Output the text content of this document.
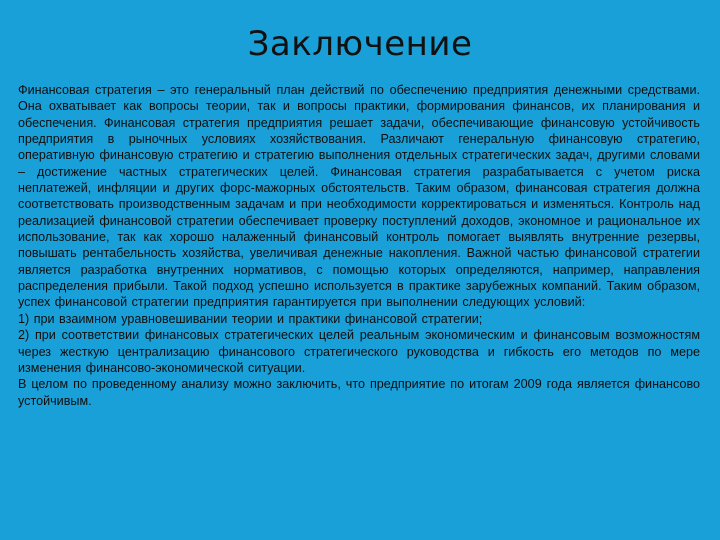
Заключение

Финансовая стратегия – это генеральный план действий по обеспечению предприятия денежными средствами. Она охватывает как вопросы теории, так и вопросы практики, формирования финансов, их планирования и обеспечения. Финансовая стратегия предприятия решает задачи, обеспечивающие финансовую устойчивость предприятия в рыночных условиях хозяйствования. Различают генеральную финансовую стратегию, оперативную финансовую стратегию и стратегию выполнения отдельных стратегических задач, другими словами – достижение частных стратегических целей. Финансовая стратегия разрабатывается с учетом риска неплатежей, инфляции и других форс-мажорных обстоятельств. Таким образом, финансовая стратегия должна соответствовать производственным задачам и при необходимости корректироваться и изменяться. Контроль над реализацией финансовой стратегии обеспечивает проверку поступлений доходов, экономное и рациональное их использование, так как хорошо налаженный финансовый контроль помогает выявлять внутренние резервы, повышать рентабельность хозяйства, увеличивая денежные накопления. Важной частью финансовой стратегии является разработка внутренних нормативов, с помощью которых определяются, например, направления распределения прибыли. Такой подход успешно используется в практике зарубежных компаний. Таким образом, успех финансовой стратегии предприятия гарантируется при выполнении следующих условий:

1) при взаимном уравновешивании теории и практики финансовой стратегии;

2) при соответствии финансовых стратегических целей реальным экономическим и финансовым возможностям через жесткую централизацию финансового стратегического руководства и гибкость его методов по мере изменения финансово-экономической ситуации.

В целом по проведенному анализу можно заключить, что предприятие по итогам 2009 года является финансово устойчивым.
